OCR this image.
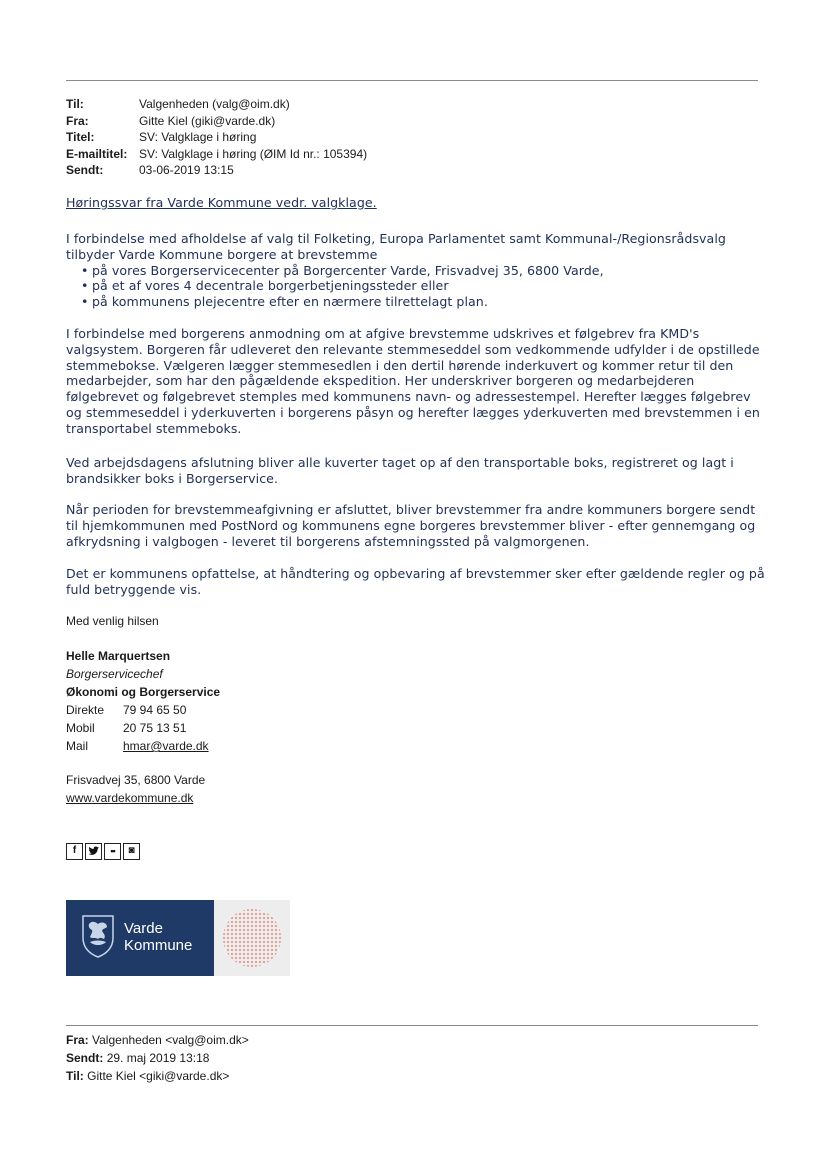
Til:	Valgenheden (valg@oim.dk)
Fra:	Gitte Kiel (giki@varde.dk)
Titel:	SV: Valgklage i høring
E-mailtitel: SV: Valgklage i høring (ØIM Id nr.: 105394)
Sendt:	03-06-2019 13:15

Høringssvar fra Varde Kommune vedr. valgklage.

I forbindelse med afholdelse af valg til Folketing, Europa Parlamentet samt Kommunal-/Regionsrådsvalg tilbyder Varde Kommune borgere at brevstemme

• på vores Borgerservicecenter på Borgercenter Varde, Frisvadvej 35, 6800 Varde,
• på et af vores 4 decentrale borgerbetjeningssteder eller
• på kommunens plejecentre efter en nærmere tilrettelagt plan.

I forbindelse med borgerens anmodning om at afgive brevstemme udskrives et følgebrev fra KMD's valgsystem. Borgeren får udleveret den relevante stemmeseddel som vedkommende udfylder i de opstillede stemmebokse. Vælgeren lægger stemmesedlen i den dertil hørende inderkuvert og kommer retur til den medarbejder, som har den pågældende ekspedition. Her underskriver borgeren og medarbejderen følgebrevet og følgebrevet stemples med kommunens navn- og adressestempel. Herefter lægges følgebrev og stemmeseddel i yderkuverten i borgerens påsyn og herefter lægges yderkuverten med brevstemmen i en transportabel stemmeboks.

Ved arbejdsdagens afslutning bliver alle kuverter taget op af den transportable boks, registreret og lagt i brandsikker boks i Borgerservice.

Når perioden for brevstemmeafgivning er afsluttet, bliver brevstemmer fra andre kommuners borgere sendt til hjemkommunen med PostNord og kommunens egne borgeres brevstemmer bliver - efter gennemgang og afkrydsning i valgbogen - leveret til borgerens afstemningssted på valgmorgenen.

Det er kommunens opfattelse, at håndtering og opbevaring af brevstemmer sker efter gældende regler og på fuld betryggende vis.

Med venlig hilsen
Helle Marquertsen
Borgerservicechef
Økonomi og Borgerservice
Direkte 79 94 65 50
Mobil 20 75 13 51
Mail	hmar@varde.dk
Frisvadvej 35, 6800 Varde
www.vardekommune.dk
f	••	◙
Varde
Kommune
Fra: Valgenheden <valg@oim.dk>
Sendt: 29. maj 2019 13:18
Til: Gitte Kiel <giki@varde.dk>
